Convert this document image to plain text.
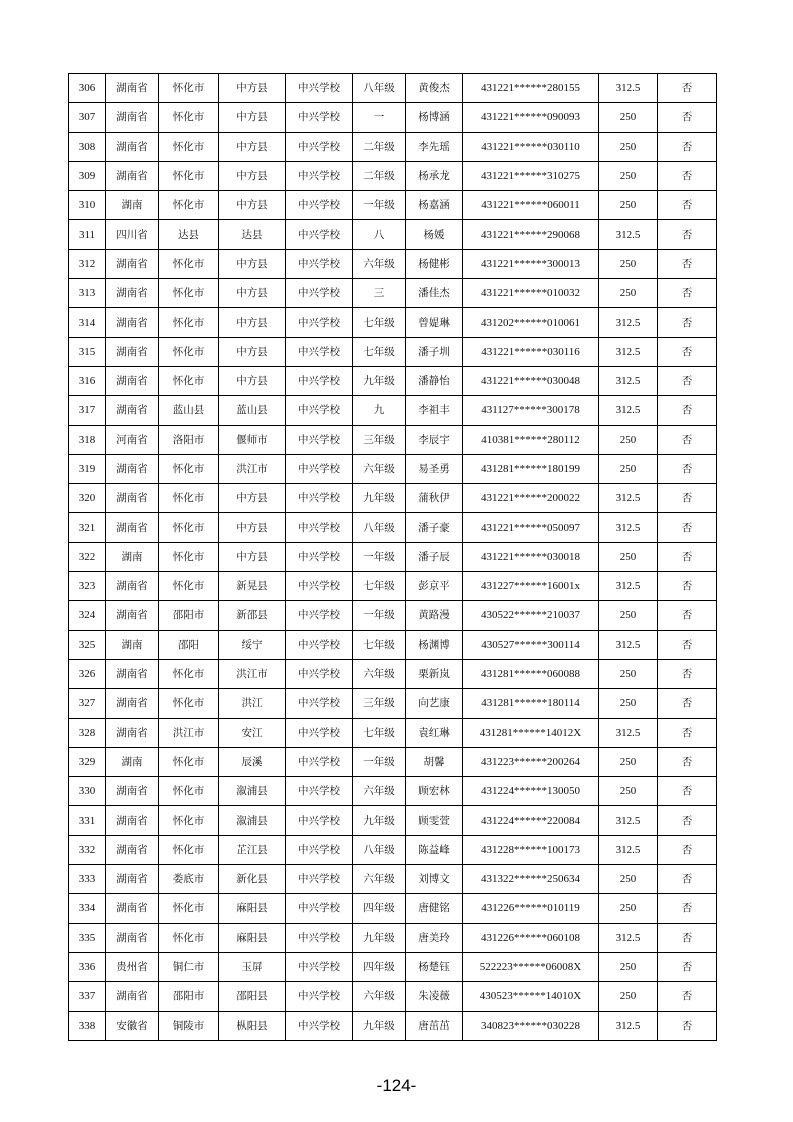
306	湖南省	怀化市	中方县	中兴学校	八年级	黄俊杰	431221******280155	312.5	否
307	湖南省	怀化市	中方县	中兴学校	一	杨博涵	431221******090093	250	否
308	湖南省	怀化市	中方县	中兴学校	二年级	李先瑶	431221******030110	250	否
309	湖南省	怀化市	中方县	中兴学校	二年级	杨承龙	431221******310275	250	否
310	湖南	怀化市	中方县	中兴学校	一年级	杨嘉涵	431221******060011	250	否
311	四川省	达县	达县	中兴学校	八	杨媛	431221******290068	312.5	否
312	湖南省	怀化市	中方县	中兴学校	六年级	杨健彬	431221******300013	250	否
313	湖南省	怀化市	中方县	中兴学校	三	潘佳杰	431221******010032	250	否
314	湖南省	怀化市	中方县	中兴学校	七年级	曾媞琳	431202******010061	312.5	否
315	湖南省	怀化市	中方县	中兴学校	七年级	潘子圳	431221******030116	312.5	否
316	湖南省	怀化市	中方县	中兴学校	九年级	潘静怡	431221******030048	312.5	否
317	湖南省	蓝山县	蓝山县	中兴学校	九	李祖丰	431127******300178	312.5	否
318	河南省	洛阳市	偃师市	中兴学校	三年级	李辰宇	410381******280112	250	否
319	湖南省	怀化市	洪江市	中兴学校	六年级	易圣勇	431281******180199	250	否
320	湖南省	怀化市	中方县	中兴学校	九年级	蒲秋伊	431221******200022	312.5	否
321	湖南省	怀化市	中方县	中兴学校	八年级	潘子豪	431221******050097	312.5	否
322	湖南	怀化市	中方县	中兴学校	一年级	潘子辰	431221******030018	250	否
323	湖南省	怀化市	新晃县	中兴学校	七年级	彭京平	431227******16001x	312.5	否
324	湖南省	邵阳市	新邵县	中兴学校	一年级	黄路漫	430522******210037	250	否
325	湖南	邵阳	绥宁	中兴学校	七年级	杨渊博	430527******300114	312.5	否
326	湖南省	怀化市	洪江市	中兴学校	六年级	栗新岚	431281******060088	250	否
327	湖南省	怀化市	洪江	中兴学校	三年级	向艺康	431281******180114	250	否
328	湖南省	洪江市	安江	中兴学校	七年级	袁红琳	431281******14012X	312.5	否
329	湖南	怀化市	辰溪	中兴学校	一年级	胡馨	431223******200264	250	否
330	湖南省	怀化市	溆浦县	中兴学校	六年级	顾宏林	431224******130050	250	否
331	湖南省	怀化市	溆浦县	中兴学校	九年级	顾雯萱	431224******220084	312.5	否
332	湖南省	怀化市	芷江县	中兴学校	八年级	陈益峰	431228******100173	312.5	否
333	湖南省	娄底市	新化县	中兴学校	六年级	刘博文	431322******250634	250	否
334	湖南省	怀化市	麻阳县	中兴学校	四年级	唐健铭	431226******010119	250	否
335	湖南省	怀化市	麻阳县	中兴学校	九年级	唐美玲	431226******060108	312.5	否
336	贵州省	铜仁市	玉屏	中兴学校	四年级	杨楚钰	522223******06008X	250	否
337	湖南省	邵阳市	邵阳县	中兴学校	六年级	朱凌薇	430523******14010X	250	否
338	安徽省	铜陵市	枞阳县	中兴学校	九年级	唐茁茁	340823******030228	312.5	否
-124-
